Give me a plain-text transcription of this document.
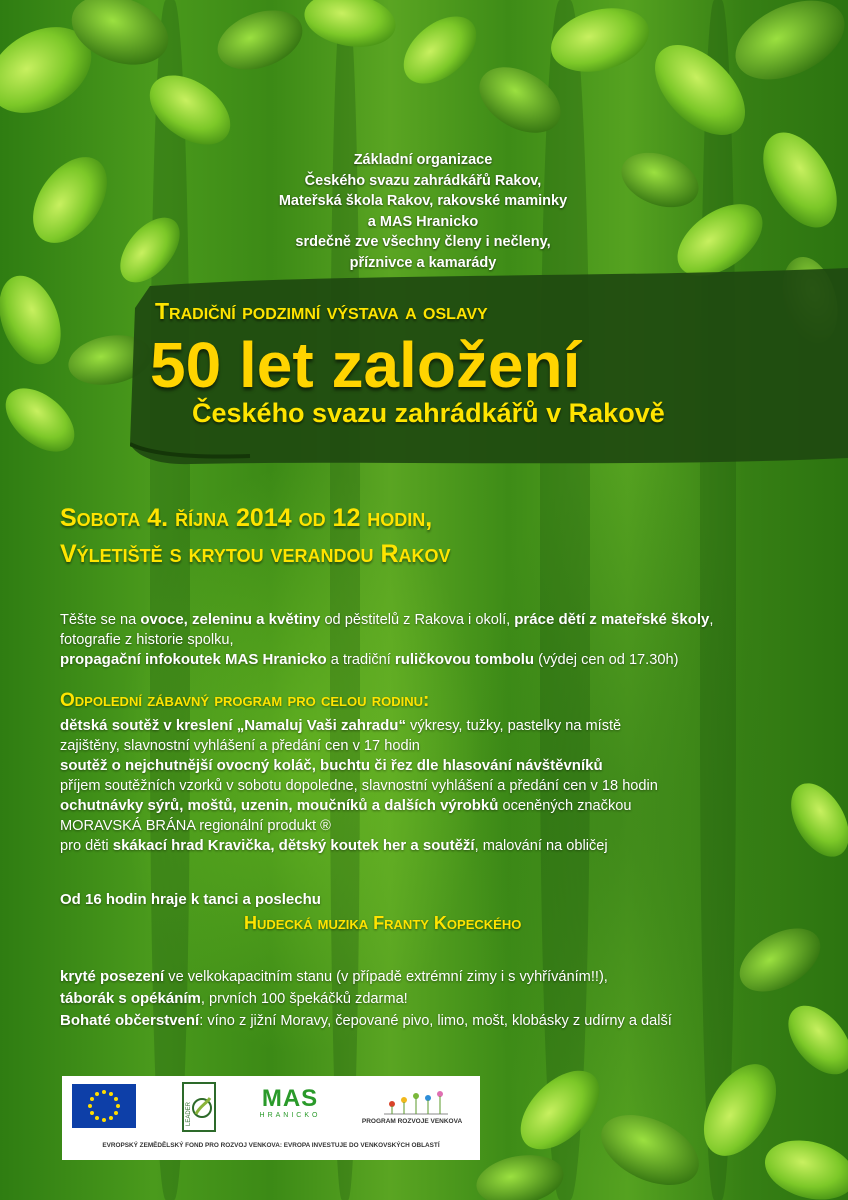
Základní organizace
Českého svazu zahrádkářů Rakov,
Mateřská škola Rakov, rakovské maminky
a MAS Hranicko
srdečně zve všechny členy i nečleny,
příznivce a kamarády
Tradiční podzimní výstava a oslavy
50 let založení
Českého svazu zahrádkářů v Rakově
Sobota 4. října 2014 od 12 hodin,
Výletiště s krytou verandou Rakov
Těšte se na ovoce, zeleninu a květiny od pěstitelů z Rakova i okolí, práce dětí z mateřské školy,
fotografie z historie spolku,
propagační infokoutek MAS Hranicko a tradiční ruličkovou tombolu (výdej cen od 17.30h)
Odpolední zábavný program pro celou rodinu:
dětská soutěž v kreslení „Namaluj Vaši zahradu“ výkresy, tužky, pastelky na místě
zajištěny, slavnostní vyhlášení a předání cen v 17 hodin
soutěž o nejchutnější ovocný koláč, buchtu či řez dle hlasování návštěvníků
příjem soutěžních vzorků v sobotu dopoledne, slavnostní vyhlášení a předání cen v 18 hodin
ochutnávky sýrů, moštů, uzenin, moučníků a dalších výrobků oceněných značkou
MORAVSKÁ BRÁNA regionální produkt ®
pro děti skákací hrad Kravička, dětský koutek her a soutěží, malování na obličej
Od 16 hodin hraje k tanci a poslechu
Hudecká muzika Franty Kopeckého
kryté posezení ve velkokapacitním stanu (v případě extrémní zimy i s vyhříváním!!),
táborák s opékáním, prvních 100 špekáčků zdarma!
Bohaté občerstvení: víno z jižní Moravy, čepované pivo, limo, mošt, klobásky z udírny a další
LEADER
MAS
HRANICKO
PROGRAM ROZVOJE VENKOVA
EVROPSKÝ ZEMĚDĚLSKÝ FOND PRO ROZVOJ VENKOVA: EVROPA INVESTUJE DO VENKOVSKÝCH OBLASTÍ
